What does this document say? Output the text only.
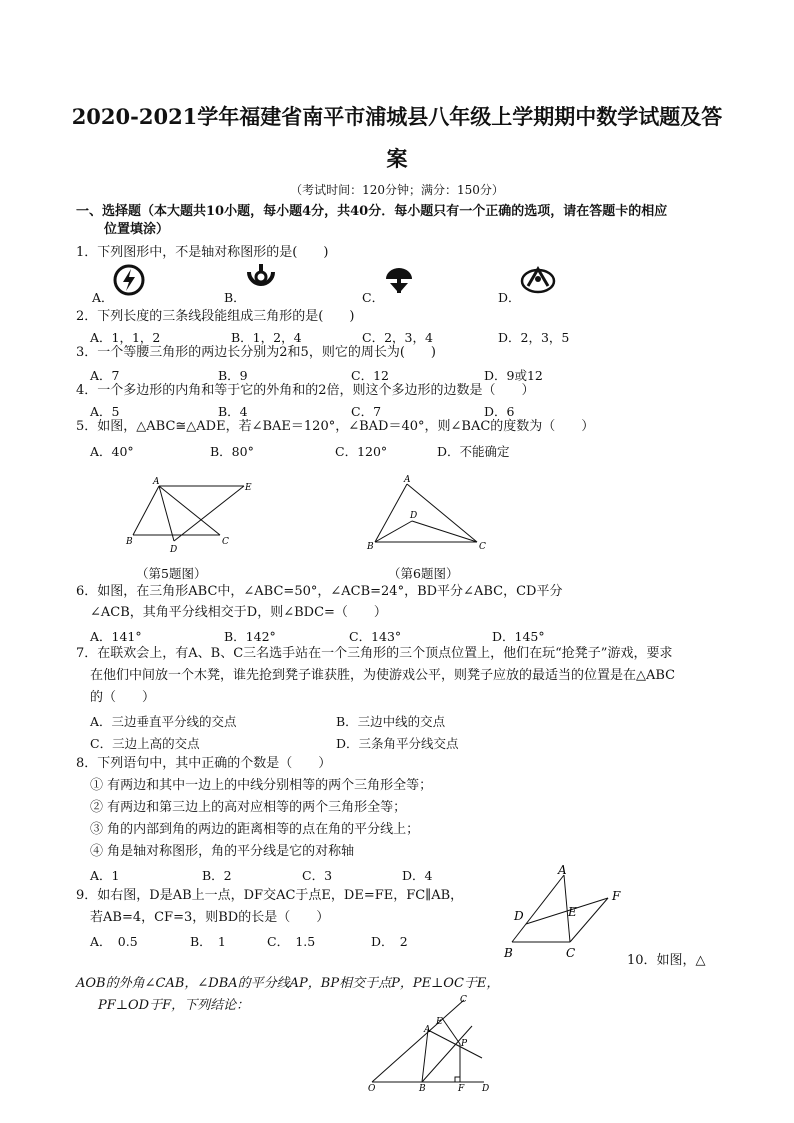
2020-2021学年福建省南平市浦城县八年级上学期期中数学试题及答
案
（考试时间：120分钟；满分：150分）
一、选择题（本大题共10小题，每小题4分，共40分．每小题只有一个正确的选项，请在答题卡的相应
位置填涂）
1．下列图形中，不是轴对称图形的是(　　)
A．	B．	C．	D．
2．下列长度的三条线段能组成三角形的是(　　)
A．1，1，2	B．1，2，4	C．2，3，4	D．2，3，5
3．一个等腰三角形的两边长分别为2和5，则它的周长为(　　)
A．7	B．9	C．12	D．9或12
4．一个多边形的内角和等于它的外角和的2倍，则这个多边形的边数是（　　）
A．5	B．4	C．7	D．6
5．如图，△ABC≅△ADE，若∠BAE＝120°，∠BAD＝40°，则∠BAC的度数为（　　）
A．40°	B．80°	C．120°	D．不能确定
A
E
B	C
D
（第5题图）
A
D
B	C
（第6题图）
6．如图，在三角形ABC中，∠ABC=50°，∠ACB=24°，BD平分∠ABC，CD平分
∠ACB，其角平分线相交于D，则∠BDC=（　　）
A．141°	B．142°	C．143°	D．145°
7．在联欢会上，有A、B、C三名选手站在一个三角形的三个顶点位置上，他们在玩“抢凳子”游戏，要求
在他们中间放一个木凳，谁先抢到凳子谁获胜，为使游戏公平，则凳子应放的最适当的位置是在△ABC
的（　　）
A．三边垂直平分线的交点	B．三边中线的交点
C．三边上高的交点	D．三条角平分线交点
8．下列语句中，其中正确的个数是（　　）
① 有两边和其中一边上的中线分别相等的两个三角形全等；
② 有两边和第三边上的高对应相等的两个三角形全等；
③ 角的内部到角的两边的距离相等的点在角的平分线上；
④ 角是轴对称图形，角的平分线是它的对称轴
A．1	B．2	C．3	D．4
9．如右图，D是AB上一点，DF交AC于点E，DE=FE，FC∥AB，
若AB=4，CF=3，则BD的长是（　　）
A．　0.5	B．　1	C．　1.5	D．　2
A
F
D	E
B	C	10．如图，△
AOB的外角∠CAB，∠DBA的平分线AP，BP相交于点P，PE⊥OC于E，
PF⊥OD于F，下列结论：	C
E
A
P
O	B	F D
